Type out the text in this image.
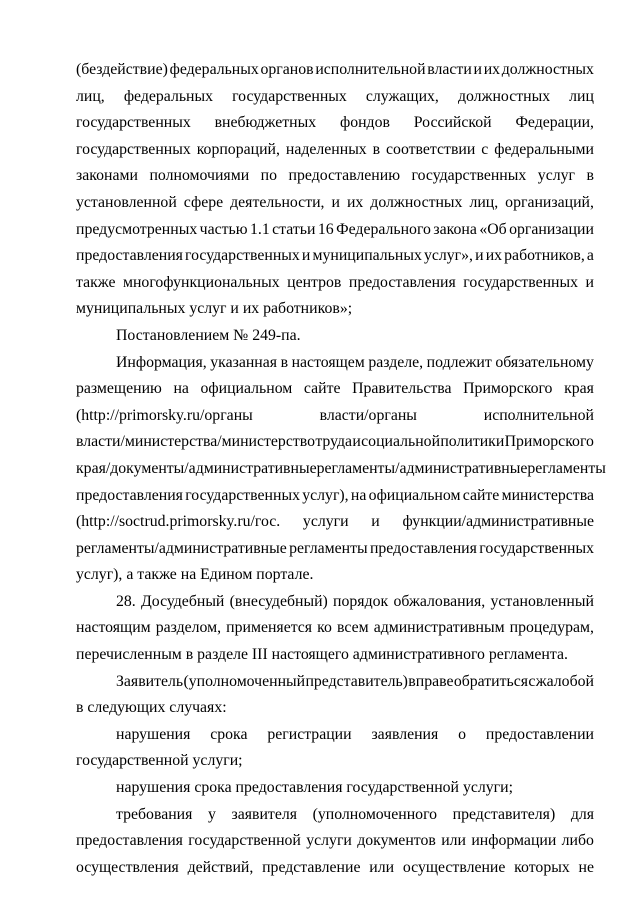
(бездействие) федеральных органов исполнительной власти и их должностных
лиц, федеральных государственных служащих, должностных лиц
государственных внебюджетных фондов Российской Федерации,
государственных корпораций, наделенных в соответствии с федеральными
законами полномочиями по предоставлению государственных услуг в
установленной сфере деятельности, и их должностных лиц, организаций,
предусмотренных частью 1.1 статьи 16 Федерального закона «Об организации
предоставления государственных и муниципальных услуг», и их работников, а
также многофункциональных центров предоставления государственных и
муниципальных услуг и их работников»;
Постановлением № 249-па.
Информация, указанная в настоящем разделе, подлежит обязательному
размещению на официальном сайте Правительства Приморского края
(http://primorsky.ru/органы	власти/органы	исполнительной
власти/министерства/министерство труда и социальной политики Приморского
края/документы/административные регламенты/административные регламенты
предоставления государственных услуг), на официальном сайте министерства
(http://soctrud.primorsky.ru/гос. услуги и функции/административные
регламенты/административные регламенты предоставления государственных
услуг), а также на Едином портале.
28. Досудебный (внесудебный) порядок обжалования, установленный
настоящим разделом, применяется ко всем административным процедурам,
перечисленным в разделе III настоящего административного регламента.
Заявитель (уполномоченный представитель) вправе обратиться с жалобой
в следующих случаях:
нарушения срока регистрации заявления о предоставлении
государственной услуги;
нарушения срока предоставления государственной услуги;
требования у заявителя (уполномоченного представителя) для
предоставления государственной услуги документов или информации либо
осуществления действий, представление или осуществление которых не
